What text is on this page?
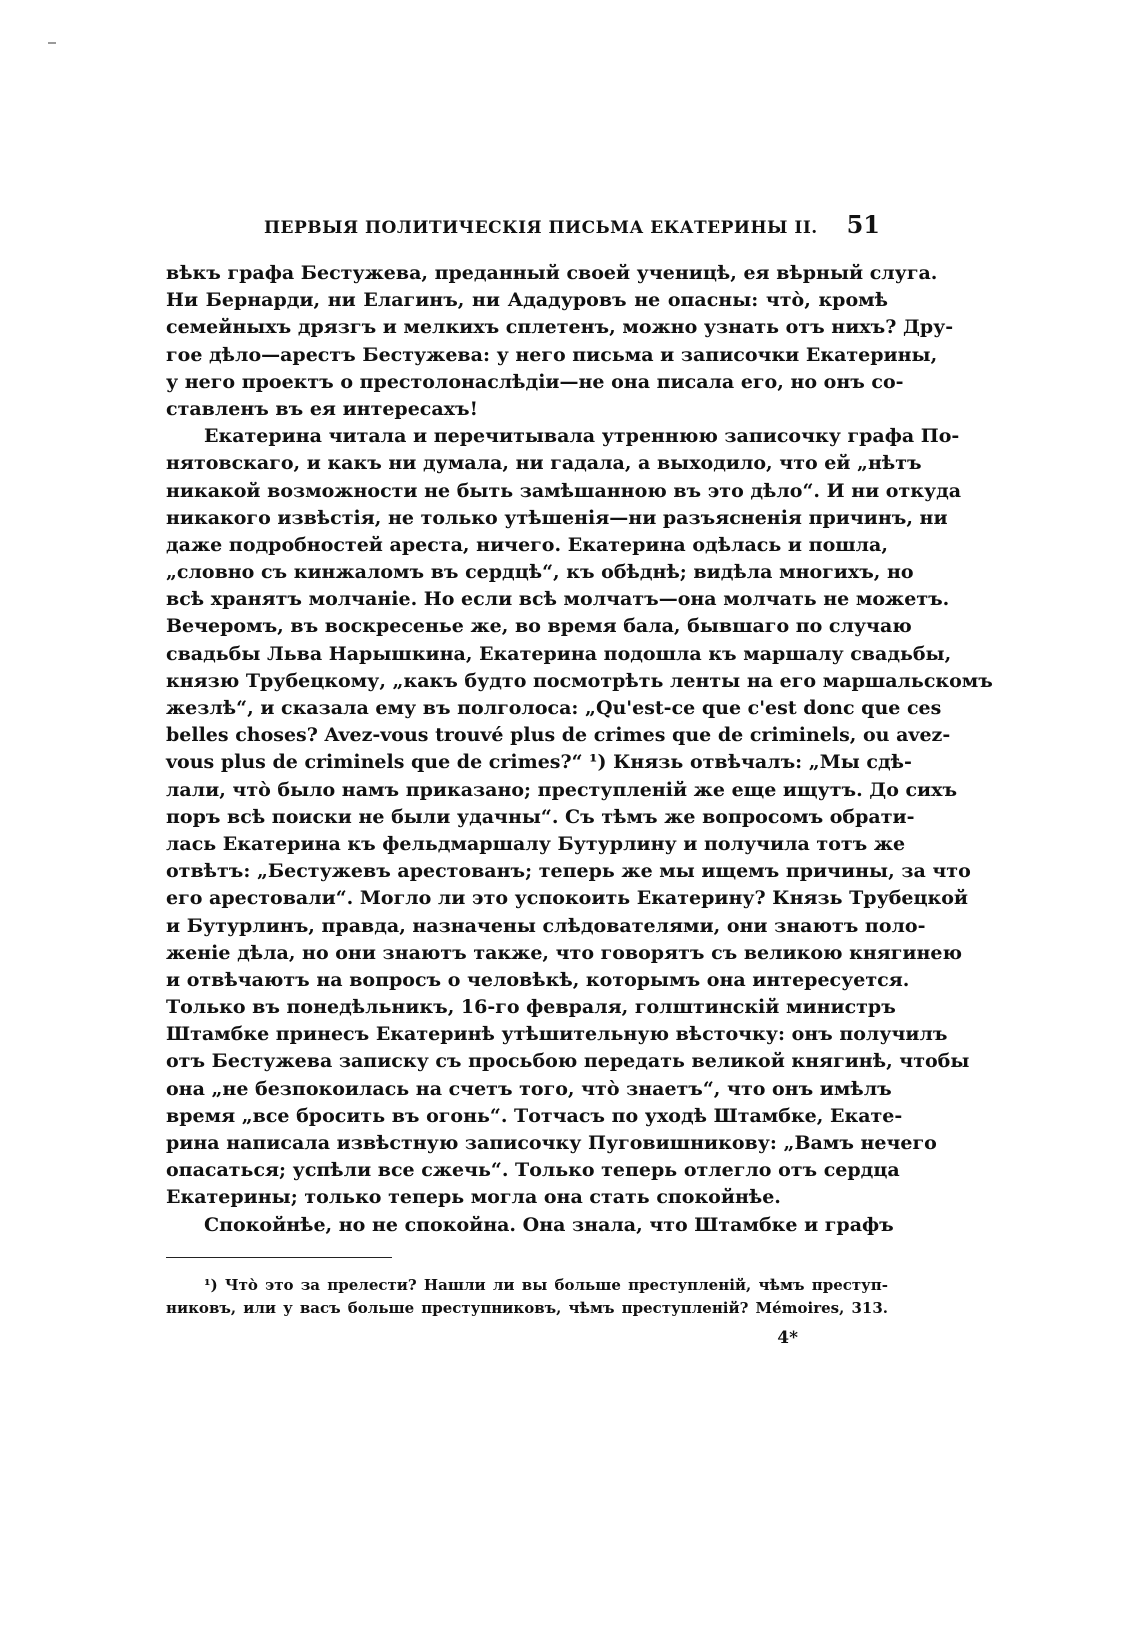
ПЕРВЫЯ ПОЛИТИЧЕСКІЯ ПИСЬМА ЕКАТЕРИНЫ II. 51
вѣкъ графа Бестужева, преданный своей ученицѣ, ея вѣрный слуга.
Ни Бернарди, ни Елагинъ, ни Ададуровъ не опасны: что̀, кромѣ
семейныхъ дрязгъ и мелкихъ сплетенъ, можно узнать отъ нихъ? Дру-
гое дѣло—арестъ Бестужева: у него письма и записочки Екатерины,
у него проектъ о престолонаслѣдіи—не она писала его, но онъ со-
ставленъ въ ея интересахъ!
Екатерина читала и перечитывала утреннюю записочку графа По-
нятовскаго, и какъ ни думала, ни гадала, а выходило, что ей „нѣтъ
никакой возможности не быть замѣшанною въ это дѣло“. И ни откуда
никакого извѣстія, не только утѣшенія—ни разъясненія причинъ, ни
даже подробностей ареста, ничего. Екатерина одѣлась и пошла,
„словно съ кинжаломъ въ сердцѣ“, къ обѣднѣ; видѣла многихъ, но
всѣ хранятъ молчаніе. Но если всѣ молчатъ—она молчать не можетъ.
Вечеромъ, въ воскресенье же, во время бала, бывшаго по случаю
свадьбы Льва Нарышкина, Екатерина подошла къ маршалу свадьбы,
князю Трубецкому, „какъ будто посмотрѣть ленты на его маршальскомъ
жезлѣ“, и сказала ему въ полголоса: „Qu'est-ce que c'est donc que ces
belles choses? Avez-vous trouvé plus de crimes que de criminels, ou avez-
vous plus de criminels que de crimes?“ ¹) Князь отвѣчалъ: „Мы сдѣ-
лали, что̀ было намъ приказано; преступленій же еще ищутъ. До сихъ
поръ всѣ поиски не были удачны“. Съ тѣмъ же вопросомъ обрати-
лась Екатерина къ фельдмаршалу Бутурлину и получила тотъ же
отвѣтъ: „Бестужевъ арестованъ; теперь же мы ищемъ причины, за что
его арестовали“. Могло ли это успокоить Екатерину? Князь Трубецкой
и Бутурлинъ, правда, назначены слѣдователями, они знаютъ поло-
женіе дѣла, но они знаютъ также, что говорятъ съ великою княгинею
и отвѣчаютъ на вопросъ о человѣкѣ, которымъ она интересуется.
Только въ понедѣльникъ, 16-го февраля, голштинскій министръ
Штамбке принесъ Екатеринѣ утѣшительную вѣсточку: онъ получилъ
отъ Бестужева записку съ просьбою передать великой княгинѣ, чтобы
она „не безпокоилась на счетъ того, что̀ знаетъ“, что онъ имѣлъ
время „все бросить въ огонь“. Тотчасъ по уходѣ Штамбке, Екате-
рина написала извѣстную записочку Пуговишникову: „Вамъ нечего
опасаться; успѣли все сжечь“. Только теперь отлегло отъ сердца
Екатерины; только теперь могла она стать спокойнѣе.
Спокойнѣе, но не спокойна. Она знала, что Штамбке и графъ
¹) Что̀ это за прелести? Нашли ли вы больше преступленій, чѣмъ преступ-
никовъ, или у васъ больше преступниковъ, чѣмъ преступленій? Mémoires, 313.
4*
